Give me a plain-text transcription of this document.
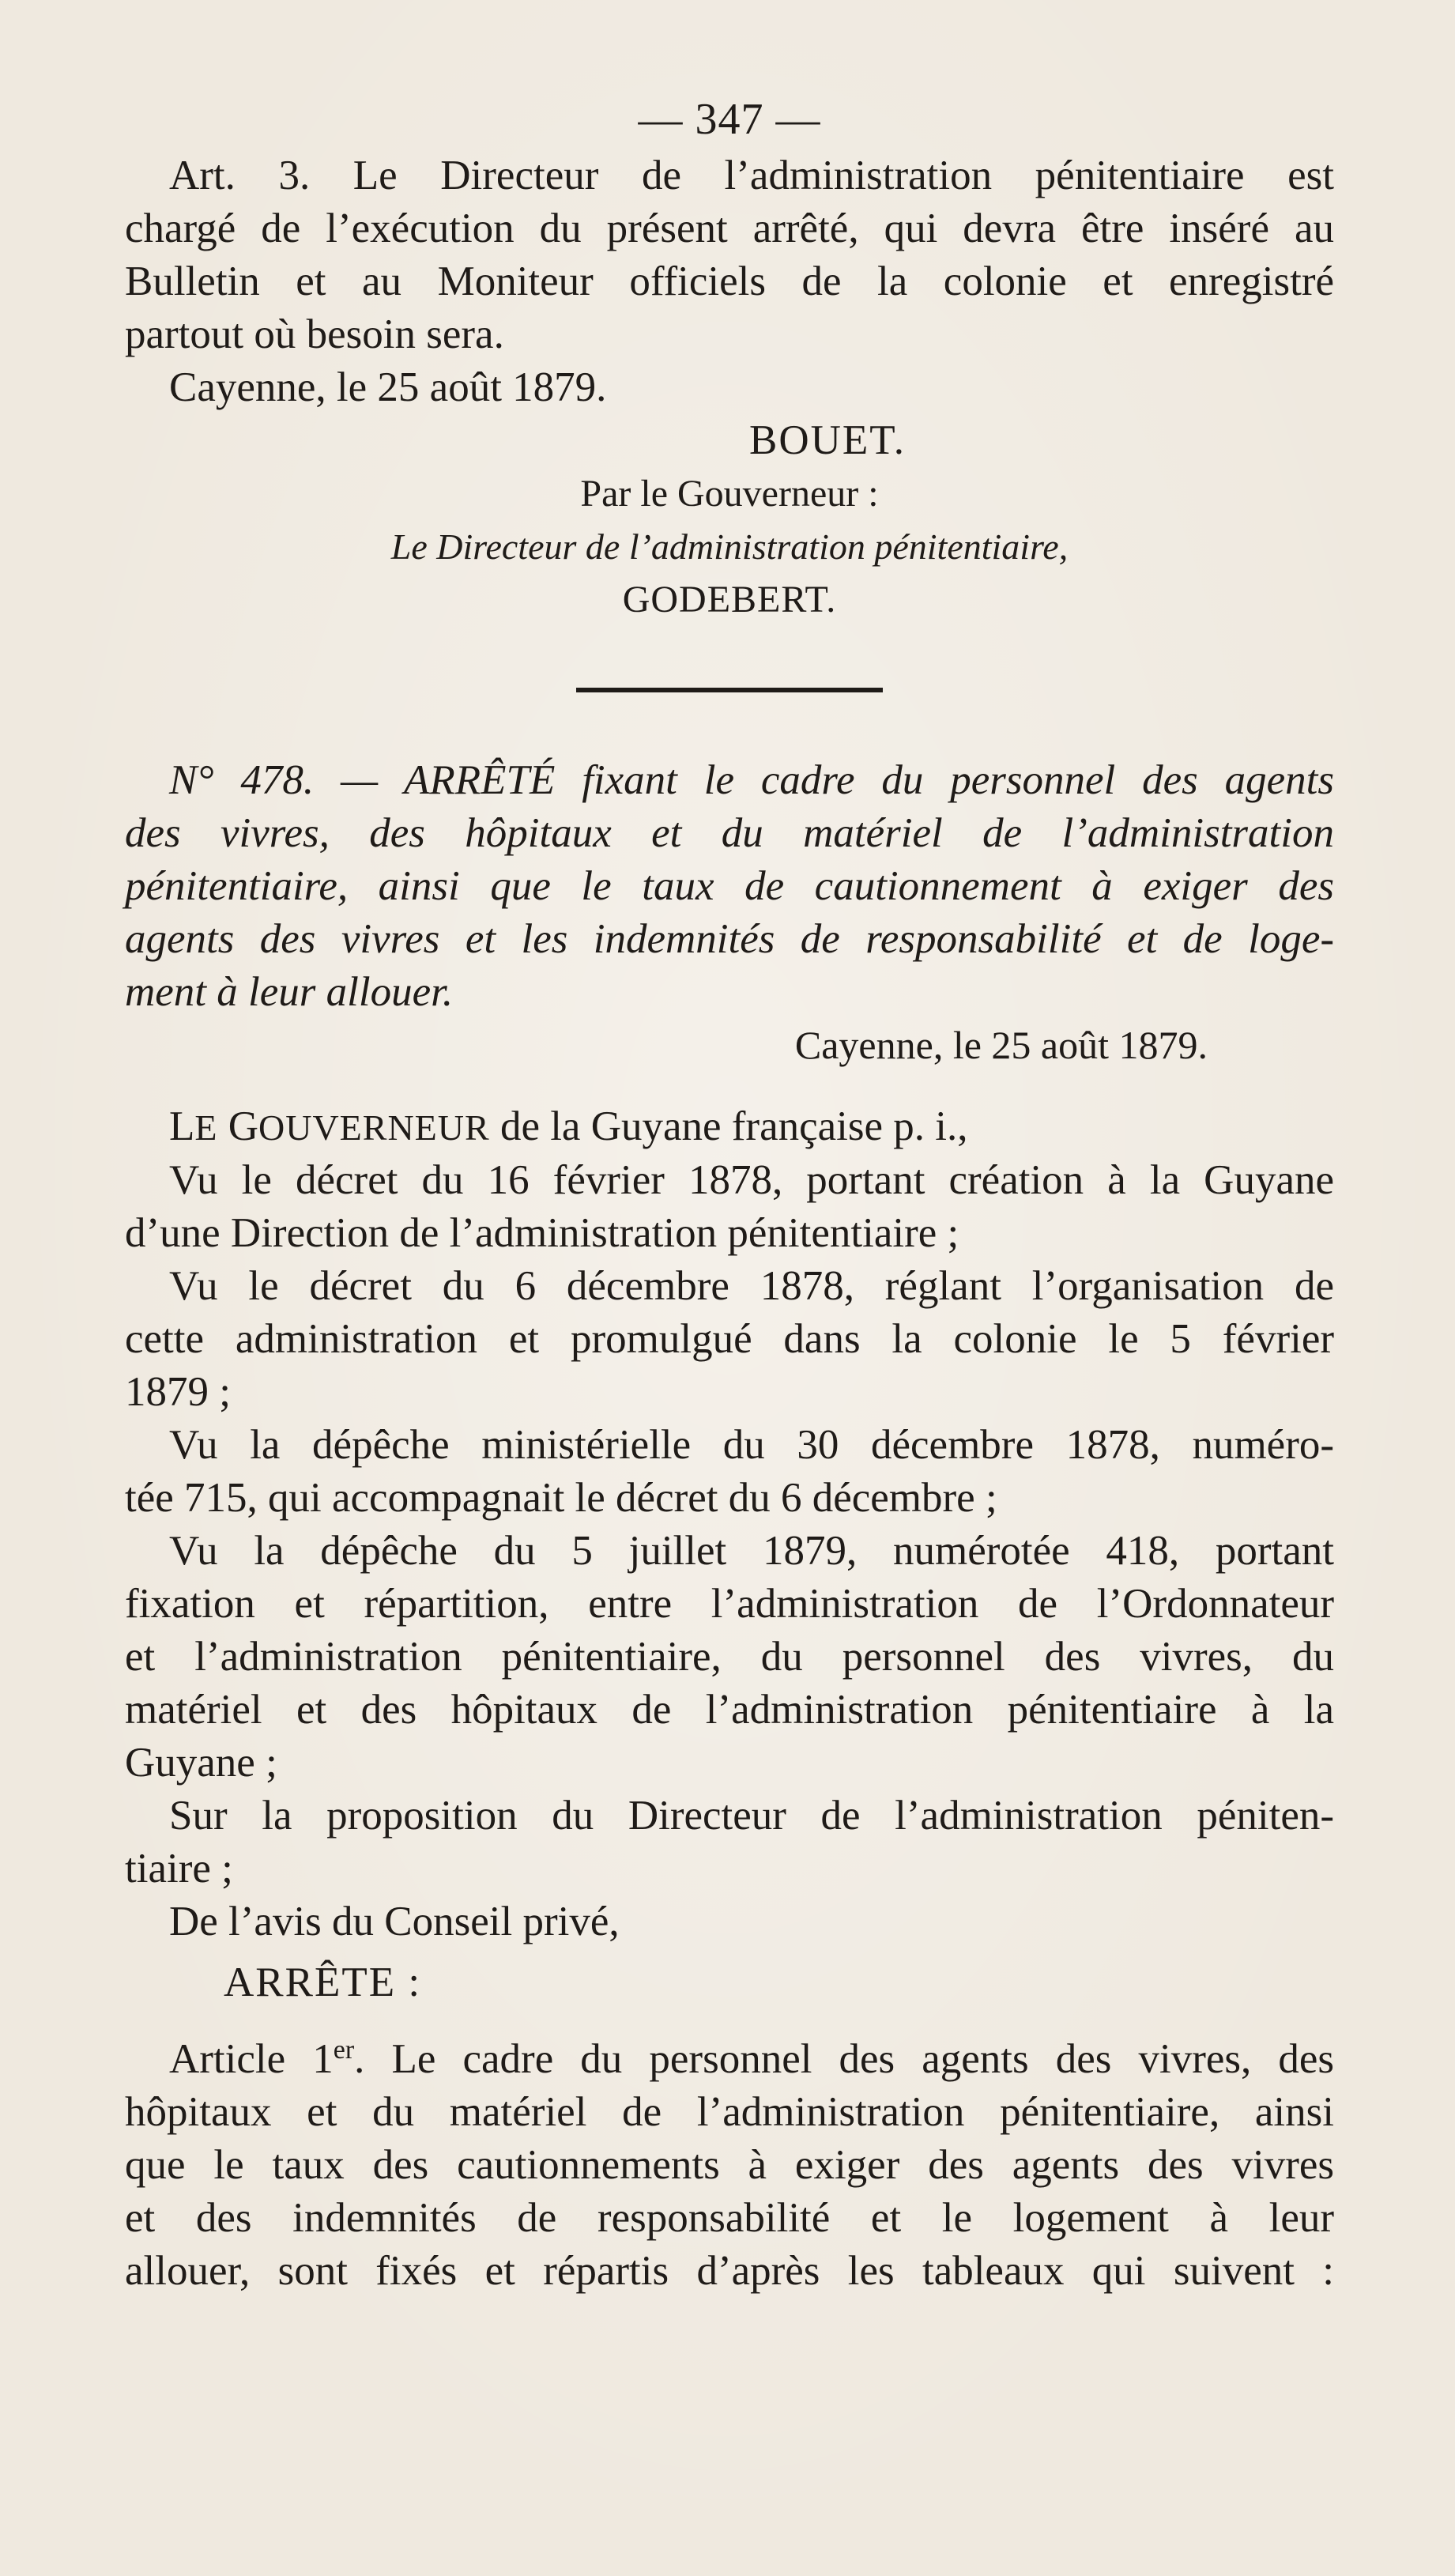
— 347 —

Art. 3. Le Directeur de l’administration pénitentiaire est

chargé de l’exécution du présent arrêté, qui devra être inséré au

Bulletin et au Moniteur officiels de la colonie et enregistré

partout où besoin sera.

Cayenne, le 25 août 1879.

BOUET.

Par le Gouverneur :

Le Directeur de l’administration pénitentiaire,

GODEBERT.

N° 478. — ARRÊTÉ fixant le cadre du personnel des agents

des vivres, des hôpitaux et du matériel de l’administration

pénitentiaire, ainsi que le taux de cautionnement à exiger des

agents des vivres et les indemnités de responsabilité et de loge-

ment à leur allouer.

Cayenne, le 25 août 1879.

LE GOUVERNEUR de la Guyane française p. i.,

Vu le décret du 16 février 1878, portant création à la Guyane

d’une Direction de l’administration pénitentiaire ;

Vu le décret du 6 décembre 1878, réglant l’organisation de

cette administration et promulgué dans la colonie le 5 février

1879 ;

Vu la dépêche ministérielle du 30 décembre 1878, numéro-

tée 715, qui accompagnait le décret du 6 décembre ;

Vu la dépêche du 5 juillet 1879, numérotée 418, portant

fixation et répartition, entre l’administration de l’Ordonnateur

et l’administration pénitentiaire, du personnel des vivres, du

matériel et des hôpitaux de l’administration pénitentiaire à la

Guyane ;

Sur la proposition du Directeur de l’administration péniten-

tiaire ;

De l’avis du Conseil privé,

ARRÊTE :

Article 1er. Le cadre du personnel des agents des vivres, des

hôpitaux et du matériel de l’administration pénitentiaire, ainsi

que le taux des cautionnements à exiger des agents des vivres

et des indemnités de responsabilité et le logement à leur

allouer, sont fixés et répartis d’après les tableaux qui suivent :
